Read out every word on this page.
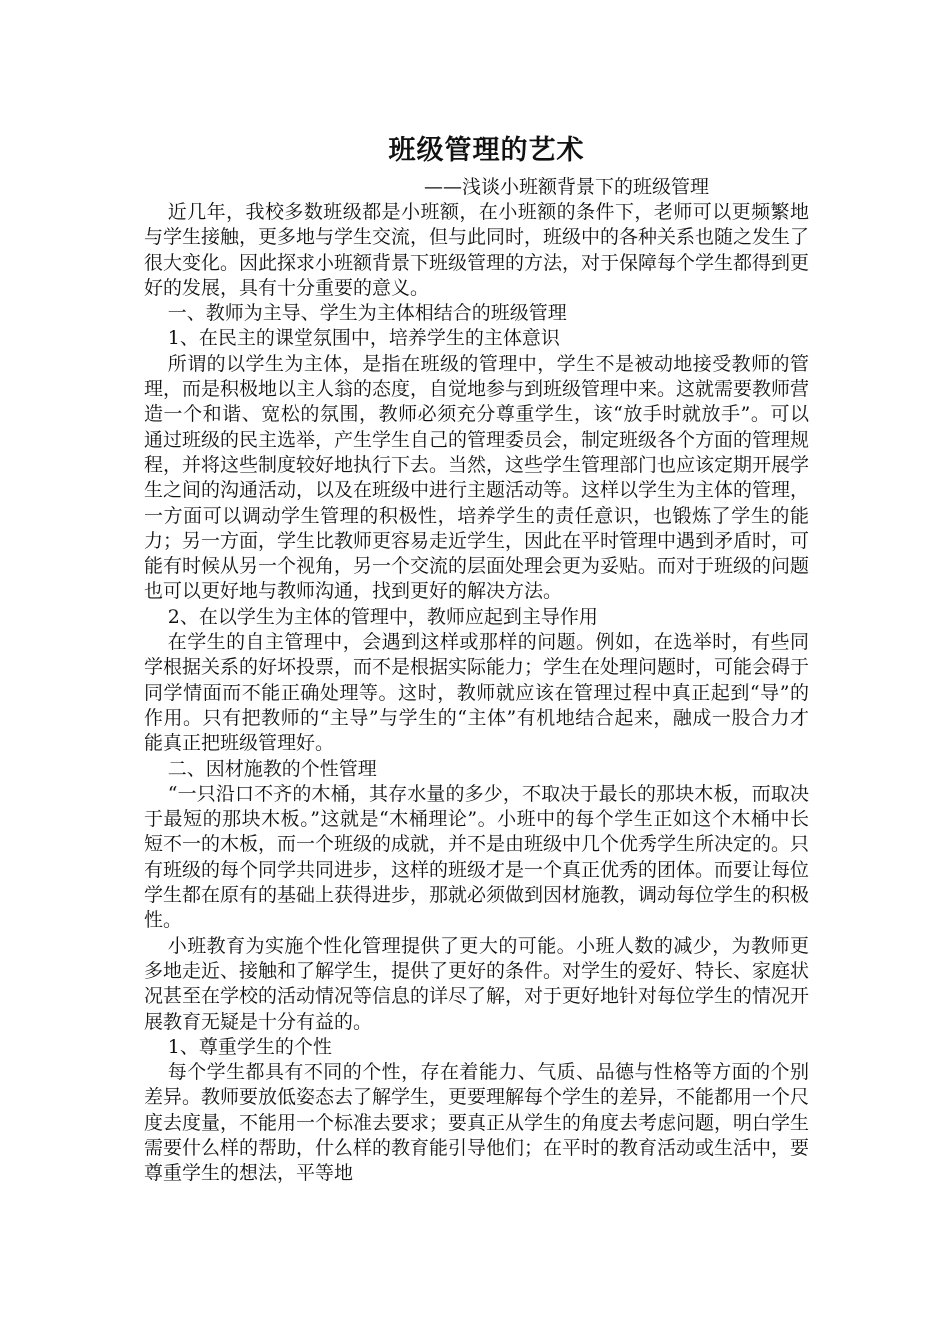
班级管理的艺术

——浅谈小班额背景下的班级管理

近几年，我校多数班级都是小班额，在小班额的条件下，老师可以更频繁地与学生接触，更多地与学生交流，但与此同时，班级中的各种关系也随之发生了很大变化。因此探求小班额背景下班级管理的方法，对于保障每个学生都得到更好的发展，具有十分重要的意义。

一、教师为主导、学生为主体相结合的班级管理

1、在民主的课堂氛围中，培养学生的主体意识

所谓的以学生为主体，是指在班级的管理中，学生不是被动地接受教师的管理，而是积极地以主人翁的态度，自觉地参与到班级管理中来。这就需要教师营造一个和谐、宽松的氛围，教师必须充分尊重学生，该“放手时就放手”。可以通过班级的民主选举，产生学生自己的管理委员会，制定班级各个方面的管理规程，并将这些制度较好地执行下去。当然，这些学生管理部门也应该定期开展学生之间的沟通活动，以及在班级中进行主题活动等。这样以学生为主体的管理，一方面可以调动学生管理的积极性，培养学生的责任意识，也锻炼了学生的能力；另一方面，学生比教师更容易走近学生，因此在平时管理中遇到矛盾时，可能有时候从另一个视角，另一个交流的层面处理会更为妥贴。而对于班级的问题也可以更好地与教师沟通，找到更好的解决方法。

2、在以学生为主体的管理中，教师应起到主导作用

在学生的自主管理中，会遇到这样或那样的问题。例如，在选举时，有些同学根据关系的好坏投票，而不是根据实际能力；学生在处理问题时，可能会碍于同学情面而不能正确处理等。这时，教师就应该在管理过程中真正起到“导”的作用。只有把教师的“主导”与学生的“主体”有机地结合起来，融成一股合力才能真正把班级管理好。

二、因材施教的个性管理

“一只沿口不齐的木桶，其存水量的多少，不取决于最长的那块木板，而取决于最短的那块木板。”这就是“木桶理论”。小班中的每个学生正如这个木桶中长短不一的木板，而一个班级的成就，并不是由班级中几个优秀学生所决定的。只有班级的每个同学共同进步，这样的班级才是一个真正优秀的团体。而要让每位学生都在原有的基础上获得进步，那就必须做到因材施教，调动每位学生的积极性。

小班教育为实施个性化管理提供了更大的可能。小班人数的减少，为教师更多地走近、接触和了解学生，提供了更好的条件。对学生的爱好、特长、家庭状况甚至在学校的活动情况等信息的详尽了解，对于更好地针对每位学生的情况开展教育无疑是十分有益的。

1、尊重学生的个性

每个学生都具有不同的个性，存在着能力、气质、品德与性格等方面的个别差异。教师要放低姿态去了解学生，更要理解每个学生的差异，不能都用一个尺度去度量，不能用一个标准去要求；要真正从学生的角度去考虑问题，明白学生需要什么样的帮助，什么样的教育能引导他们；在平时的教育活动或生活中，要尊重学生的想法，平等地
